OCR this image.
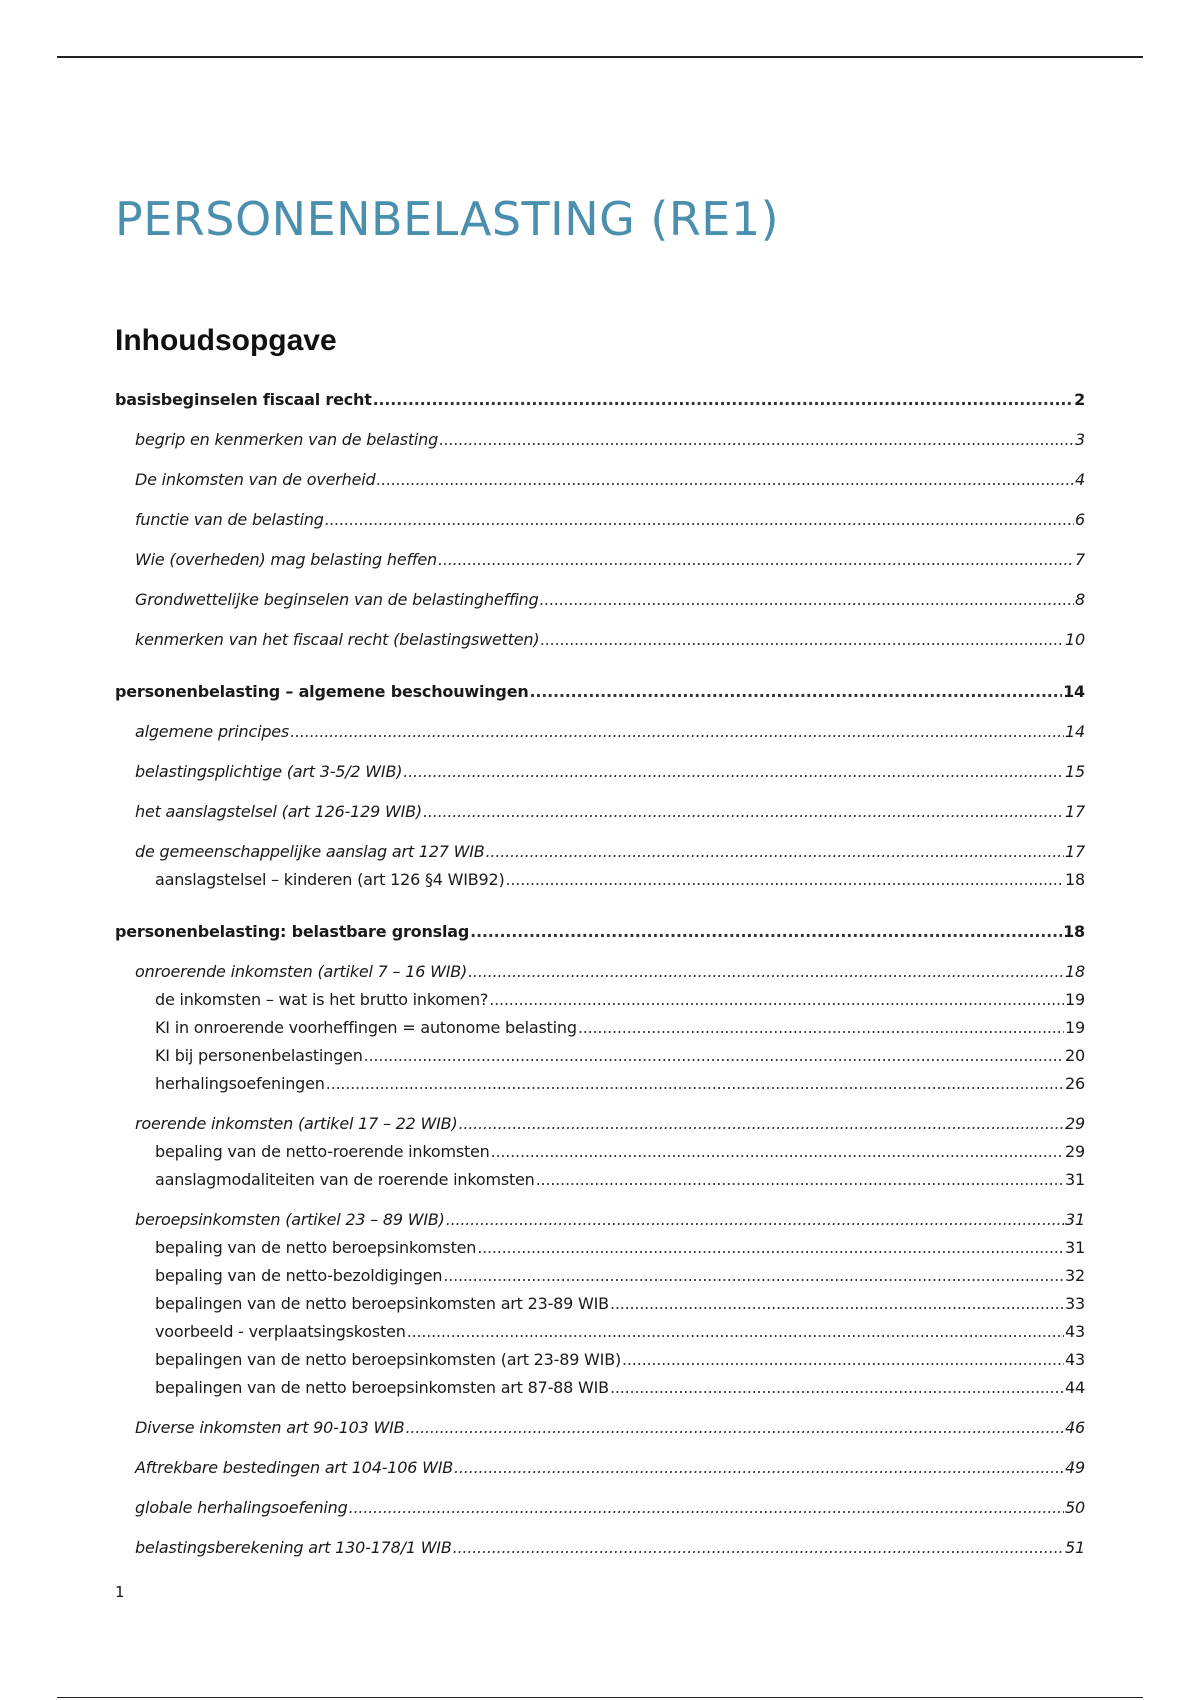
PERSONENBELASTING (RE1)
Inhoudsopgave
basisbeginselen fiscaal recht .....	2
begrip en kenmerken van de belasting .....	3
De inkomsten van de overheid .....	4
functie van de belasting .....	6
Wie (overheden) mag belasting heffen .....	7
Grondwettelijke beginselen van de belastingheffing .....	8
kenmerken van het fiscaal recht (belastingswetten) .....	10
personenbelasting – algemene beschouwingen .....	14
algemene principes .....	14
belastingsplichtige (art 3-5/2 WIB) .....	15
het aanslagstelsel (art 126-129 WIB) .....	17
de gemeenschappelijke aanslag art 127 WIB .....	17
aanslagstelsel – kinderen (art 126 §4 WIB92) .....	18
personenbelasting: belastbare gronslag .....	18
onroerende inkomsten (artikel 7 – 16 WIB) .....	18
de inkomsten – wat is het brutto inkomen? .....	19
KI in onroerende voorheffingen = autonome belasting .....	19
KI bij personenbelastingen .....	20
herhalingsoefeningen .....	26
roerende inkomsten (artikel 17 – 22 WIB) .....	29
bepaling van de netto-roerende inkomsten .....	29
aanslagmodaliteiten van de roerende inkomsten .....	31
beroepsinkomsten (artikel 23 – 89 WIB) .....	31
bepaling van de netto beroepsinkomsten .....	31
bepaling van de netto-bezoldigingen .....	32
bepalingen van de netto beroepsinkomsten art 23-89 WIB .....	33
voorbeeld - verplaatsingskosten .....	43
bepalingen van de netto beroepsinkomsten (art 23-89 WIB) .....	43
bepalingen van de netto beroepsinkomsten art 87-88 WIB .....	44
Diverse inkomsten art 90-103 WIB .....	46
Aftrekbare bestedingen art 104-106 WIB .....	49
globale herhalingsoefening .....	50
belastingsberekening art 130-178/1 WIB .....	51
1
